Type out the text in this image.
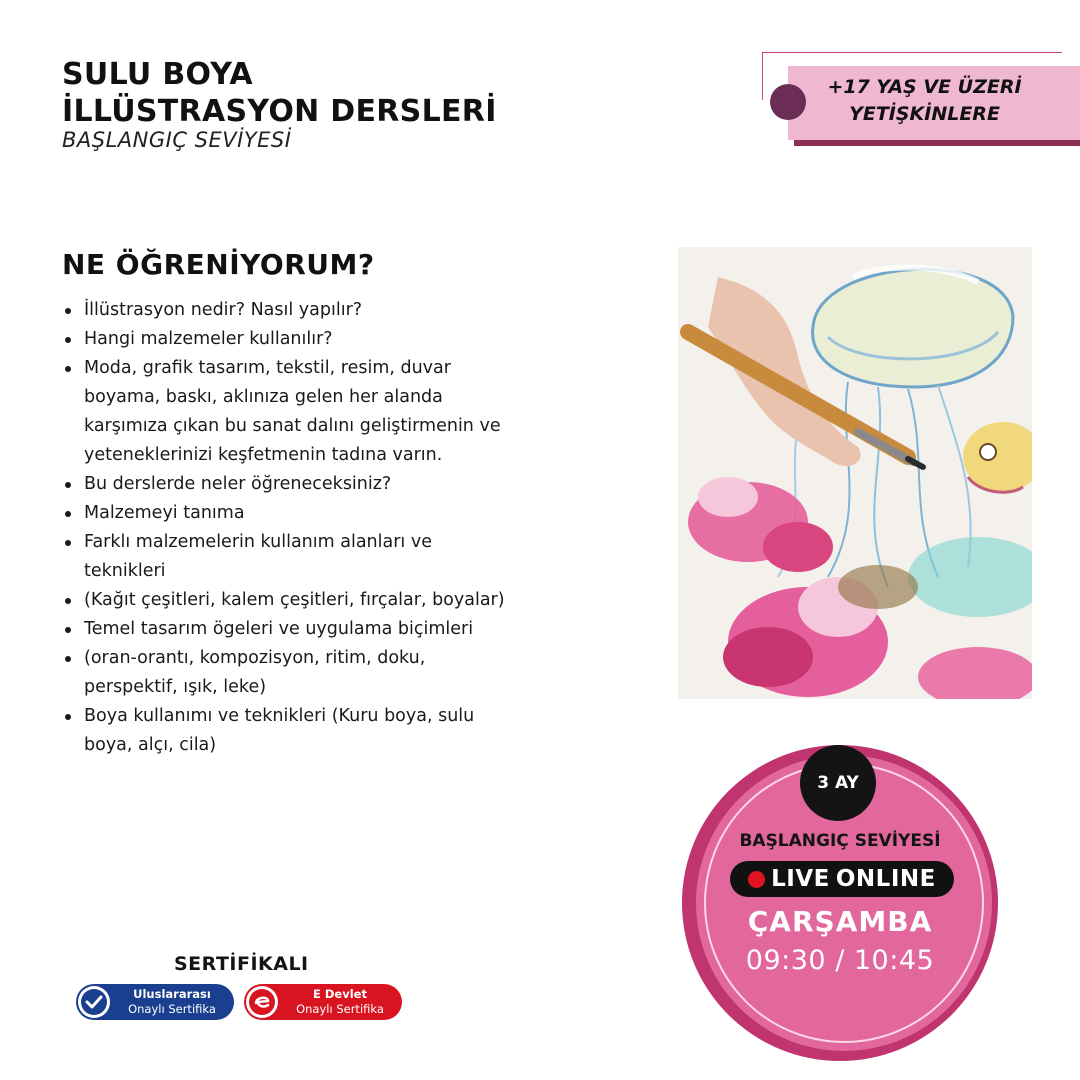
SULU BOYA
İLLÜSTRASYON DERSLERİ
BAŞLANGIÇ SEVİYESİ
+17 YAŞ VE ÜZERİ
YETİŞKİNLERE
NE ÖĞRENİYORUM?
İllüstrasyon nedir? Nasıl yapılır?
Hangi malzemeler kullanılır?
Moda, grafik tasarım, tekstil, resim, duvar boyama, baskı, aklınıza gelen her alanda karşımıza çıkan bu sanat dalını geliştirmenin ve yeteneklerinizi keşfetmenin tadına varın.
Bu derslerde neler öğreneceksiniz?
Malzemeyi tanıma
Farklı malzemelerin kullanım alanları ve teknikleri
(Kağıt çeşitleri, kalem çeşitleri, fırçalar, boyalar)
Temel tasarım ögeleri ve uygulama biçimleri
(oran-orantı, kompozisyon, ritim, doku, perspektif, ışık, leke)
Boya kullanımı ve teknikleri (Kuru boya, sulu boya, alçı, cila)
3 AY
BAŞLANGIÇ SEVİYESİ
LIVE ONLINE
ÇARŞAMBA
09:30 / 10:45
SERTİFİKALI
Uluslararası
Onaylı Sertifika
E Devlet
Onaylı Sertifika
